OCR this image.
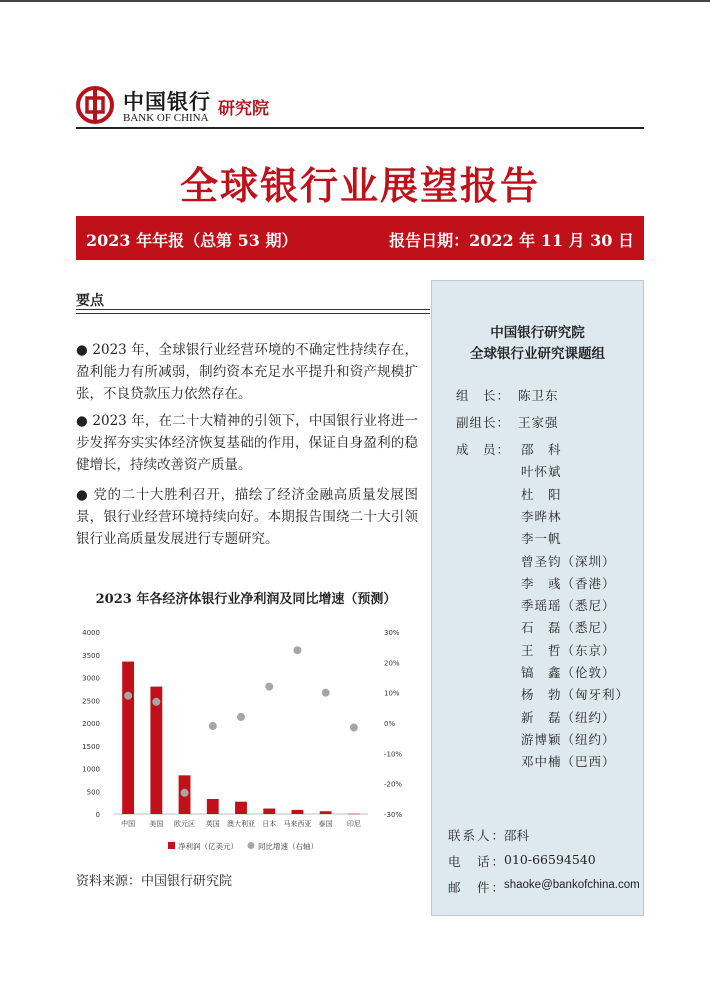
中国银行
BANK OF CHINA 研究院
全球银行业展望报告
2023 年年报（总第 53 期）	报告日期：2022 年 11 月 30 日
要点
● 2023 年，全球银行业经营环境的不确定性持续存在，盈利能力有所减弱，制约资本充足水平提升和资产规模扩张，不良贷款压力依然存在。
● 2023 年，在二十大精神的引领下，中国银行业将进一步发挥夯实实体经济恢复基础的作用，保证自身盈利的稳健增长，持续改善资产质量。
● 党的二十大胜利召开，描绘了经济金融高质量发展图景，银行业经营环境持续向好。本期报告围绕二十大引领银行业高质量发展进行专题研究。
2023 年各经济体银行业净利润及同比增速（预测）
0
500
1000
1500
2000
2500
3000
3500
4000
-30%
-20%
-10%
0%
10%
20%
30%
中国 美国 欧元区 英国 澳大利亚 日本 马来西亚 泰国 印尼
净利润（亿美元）	同比增速（右轴）
资料来源：中国银行研究院
中国银行研究院
全球银行业研究课题组
组　长： 陈卫东
副组长： 王家强
成　员： 邵　科
叶怀斌
杜　阳
李晔林
李一帆
曾圣钧（深圳）
李　彧（香港）
季瑶瑶（悉尼）
石　磊（悉尼）
王　哲（东京）
镐　鑫（伦敦）
杨　勃（匈牙利）
新　磊（纽约）
游博颖（纽约）
邓中楠（巴西）
联系人：
邵科
电　话：
010-66594540
邮　件：
shaoke@bankofchina.com
